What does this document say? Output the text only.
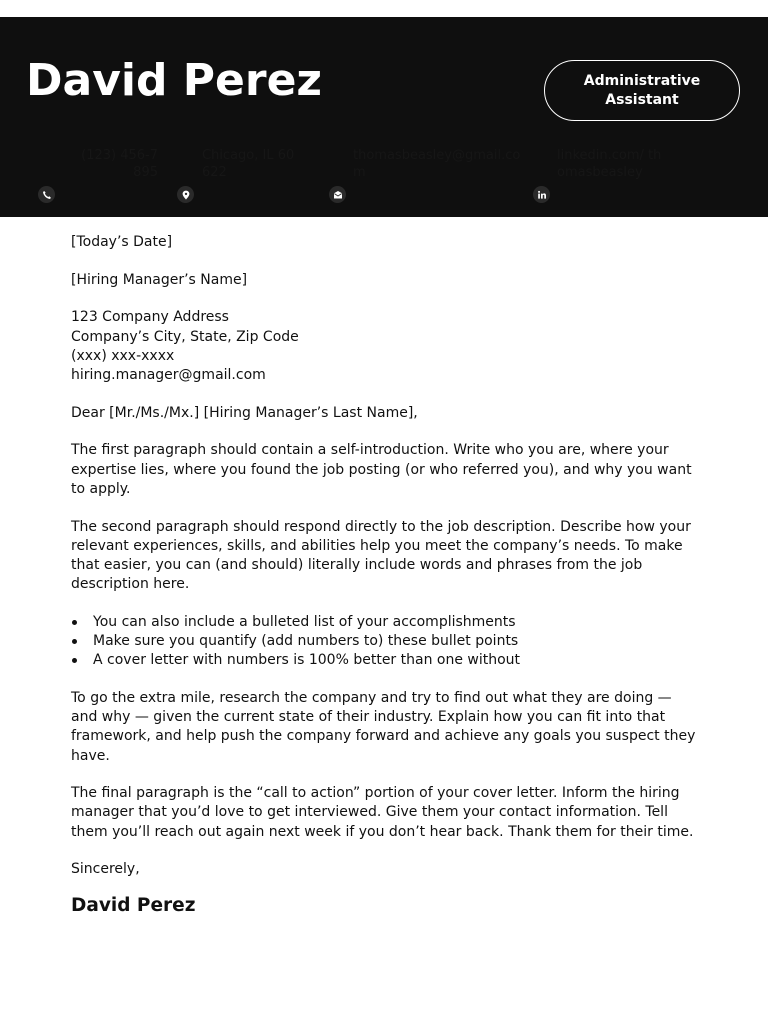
David Perez	Administrative Assistant
(123) 456-7895
Chicago, IL 60622
thomasbeasley@gmail.com
linkedin.com/ thomasbeasley

[Today’s Date]

[Hiring Manager’s Name]

123 Company Address
Company’s City, State, Zip Code
(xxx) xxx-xxxx
hiring.manager@gmail.com

Dear [Mr./Ms./Mx.] [Hiring Manager’s Last Name],

The first paragraph should contain a self-introduction. Write who you are, where your expertise lies, where you found the job posting (or who referred you), and why you want to apply.

The second paragraph should respond directly to the job description. Describe how your relevant experiences, skills, and abilities help you meet the company’s needs. To make that easier, you can (and should) literally include words and phrases from the job description here.

You can also include a bulleted list of your accomplishments
Make sure you quantify (add numbers to) these bullet points
A cover letter with numbers is 100% better than one without

To go the extra mile, research the company and try to find out what they are doing — and why — given the current state of their industry. Explain how you can fit into that framework, and help push the company forward and achieve any goals you suspect they have.

The final paragraph is the “call to action” portion of your cover letter. Inform the hiring manager that you’d love to get interviewed. Give them your contact information. Tell them you’ll reach out again next week if you don’t hear back. Thank them for their time.

Sincerely,

David Perez
